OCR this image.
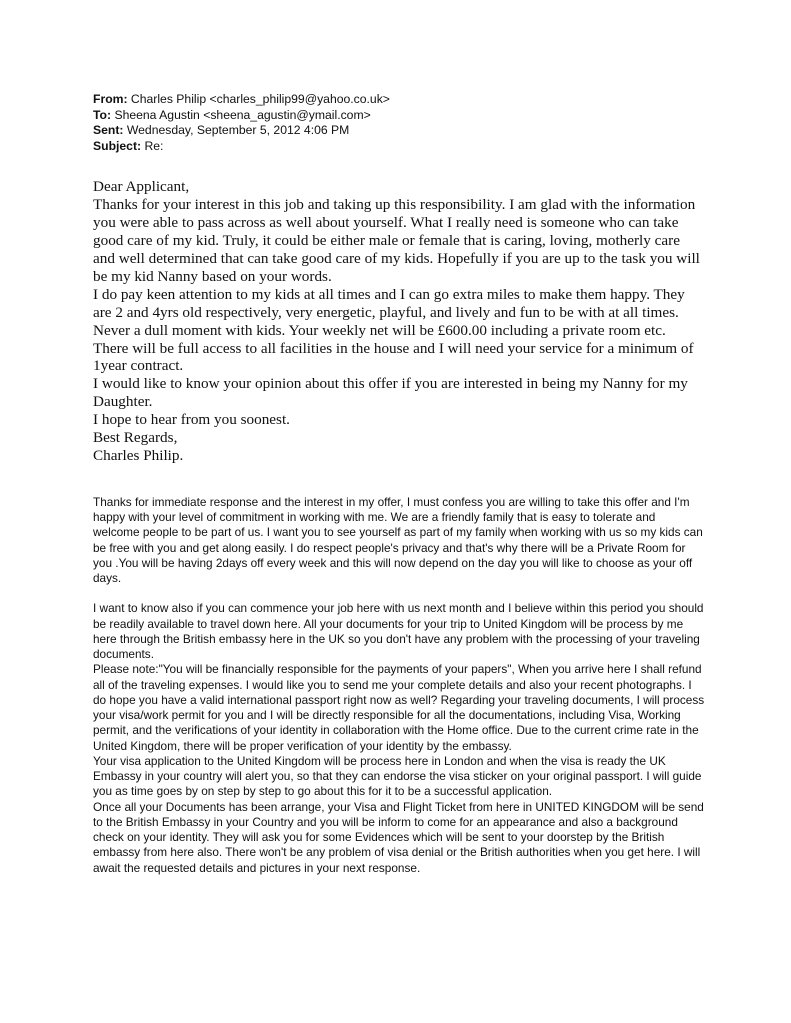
From: Charles Philip <charles_philip99@yahoo.co.uk>
To: Sheena Agustin <sheena_agustin@ymail.com>
Sent: Wednesday, September 5, 2012 4:06 PM
Subject: Re:

Dear Applicant,

Thanks for your interest in this job and taking up this responsibility. I am glad with the information you were able to pass across as well about yourself. What I really need is someone who can take good care of my kid. Truly, it could be either male or female that is caring, loving, motherly care and well determined that can take good care of my kids. Hopefully if you are up to the task you will be my kid Nanny based on your words.

I do pay keen attention to my kids at all times and I can go extra miles to make them happy. They are 2 and 4yrs old respectively, very energetic, playful, and lively and fun to be with at all times. Never a dull moment with kids. Your weekly net will be £600.00 including a private room etc. There will be full access to all facilities in the house and I will need your service for a minimum of 1year contract.

I would like to know your opinion about this offer if you are interested in being my Nanny for my Daughter.

I hope to hear from you soonest.

Best Regards,

Charles Philip.

Thanks for immediate response and the interest in my offer, I must confess you are willing to take this offer and I'm happy with your level of commitment in working with me. We are a friendly family that is easy to tolerate and welcome people to be part of us. I want you to see yourself as part of my family when working with us so my kids can be free with you and get along easily. I do respect people's privacy and that's why there will be a Private Room for you .You will be having 2days off every week and this will now depend on the day you will like to choose as your off days.

I want to know also if you can commence your job here with us next month and I believe within this period you should be readily available to travel down here. All your documents for your trip to United Kingdom will be process by me here through the British embassy here in the UK so you don't have any problem with the processing of your traveling documents.

Please note:"You will be financially responsible for the payments of your papers", When you arrive here I shall refund all of the traveling expenses. I would like you to send me your complete details and also your recent photographs. I do hope you have a valid international passport right now as well? Regarding your traveling documents, I will process your visa/work permit for you and I will be directly responsible for all the documentations, including Visa, Working permit, and the verifications of your identity in collaboration with the Home office. Due to the current crime rate in the United Kingdom, there will be proper verification of your identity by the embassy.

Your visa application to the United Kingdom will be process here in London and when the visa is ready the UK Embassy in your country will alert you, so that they can endorse the visa sticker on your original passport. I will guide you as time goes by on step by step to go about this for it to be a successful application.

Once all your Documents has been arrange, your Visa and Flight Ticket from here in UNITED KINGDOM will be send to the British Embassy in your Country and you will be inform to come for an appearance and also a background check on your identity. They will ask you for some Evidences which will be sent to your doorstep by the British embassy from here also. There won't be any problem of visa denial or the British authorities when you get here. I will await the requested details and pictures in your next response.
